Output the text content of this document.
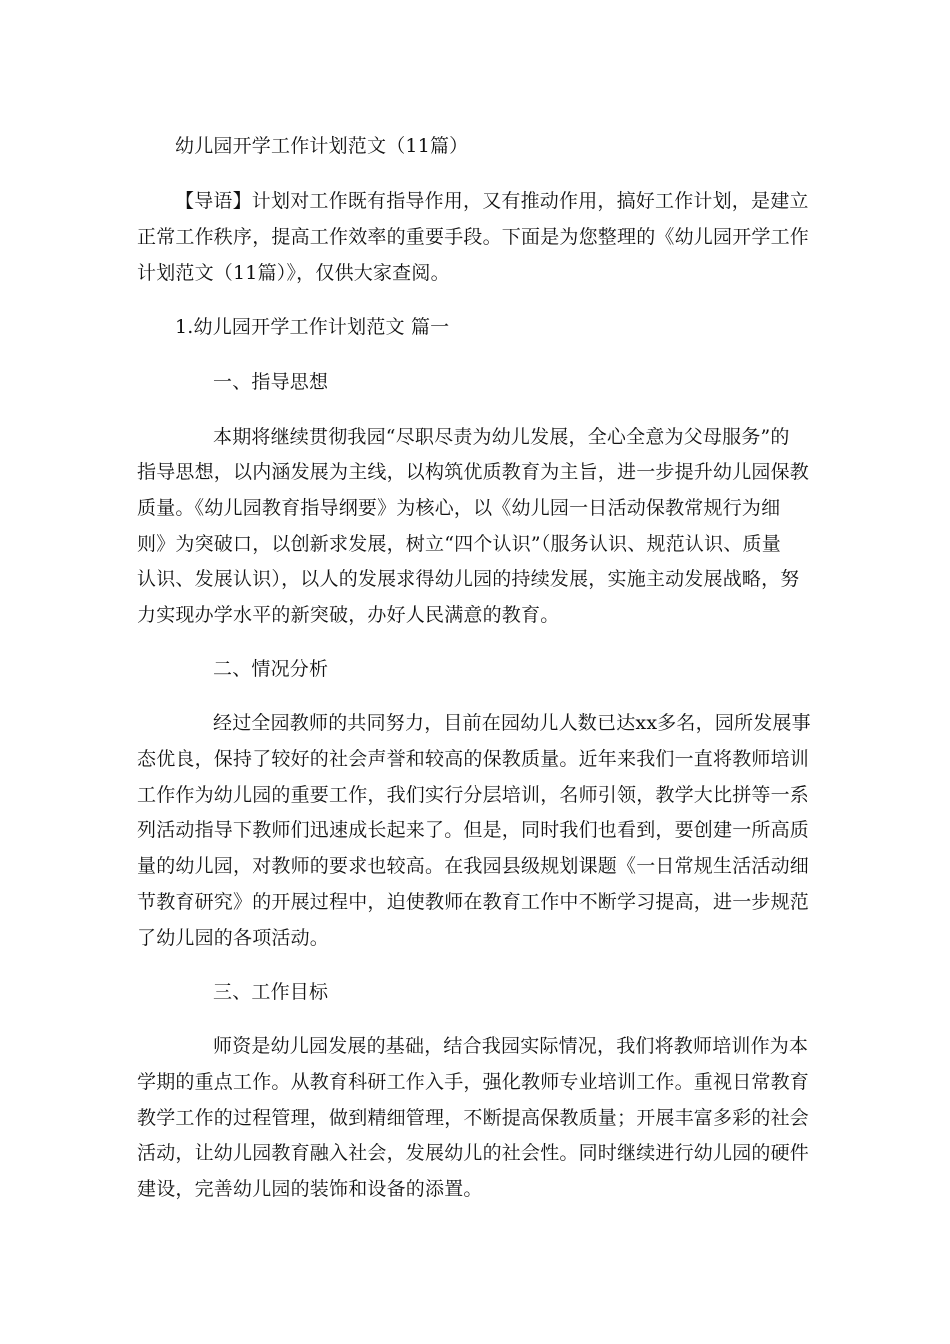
幼儿园开学工作计划范文（11篇）
【导语】计划对工作既有指导作用，又有推动作用，搞好工作计划，是建立
正常工作秩序，提高工作效率的重要手段。下面是为您整理的《幼儿园开学工作
计划范文（11篇）》，仅供大家查阅。
1.幼儿园开学工作计划范文 篇一
一、指导思想
本期将继续贯彻我园“尽职尽责为幼儿发展，全心全意为父母服务”的
指导思想，以内涵发展为主线，以构筑优质教育为主旨，进一步提升幼儿园保教
质量。《幼儿园教育指导纲要》为核心，以《幼儿园一日活动保教常规行为细
则》为突破口，以创新求发展，树立“四个认识”（服务认识、规范认识、质量
认识、发展认识），以人的发展求得幼儿园的持续发展，实施主动发展战略，努
力实现办学水平的新突破，办好人民满意的教育。
二、情况分析
经过全园教师的共同努力，目前在园幼儿人数已达xx多名，园所发展事
态优良，保持了较好的社会声誉和较高的保教质量。近年来我们一直将教师培训
工作作为幼儿园的重要工作，我们实行分层培训，名师引领，教学大比拼等一系
列活动指导下教师们迅速成长起来了。但是，同时我们也看到，要创建一所高质
量的幼儿园，对教师的要求也较高。在我园县级规划课题《一日常规生活活动细
节教育研究》的开展过程中，迫使教师在教育工作中不断学习提高，进一步规范
了幼儿园的各项活动。
三、工作目标
师资是幼儿园发展的基础，结合我园实际情况，我们将教师培训作为本
学期的重点工作。从教育科研工作入手，强化教师专业培训工作。重视日常教育
教学工作的过程管理，做到精细管理，不断提高保教质量；开展丰富多彩的社会
活动，让幼儿园教育融入社会，发展幼儿的社会性。同时继续进行幼儿园的硬件
建设，完善幼儿园的装饰和设备的添置。
